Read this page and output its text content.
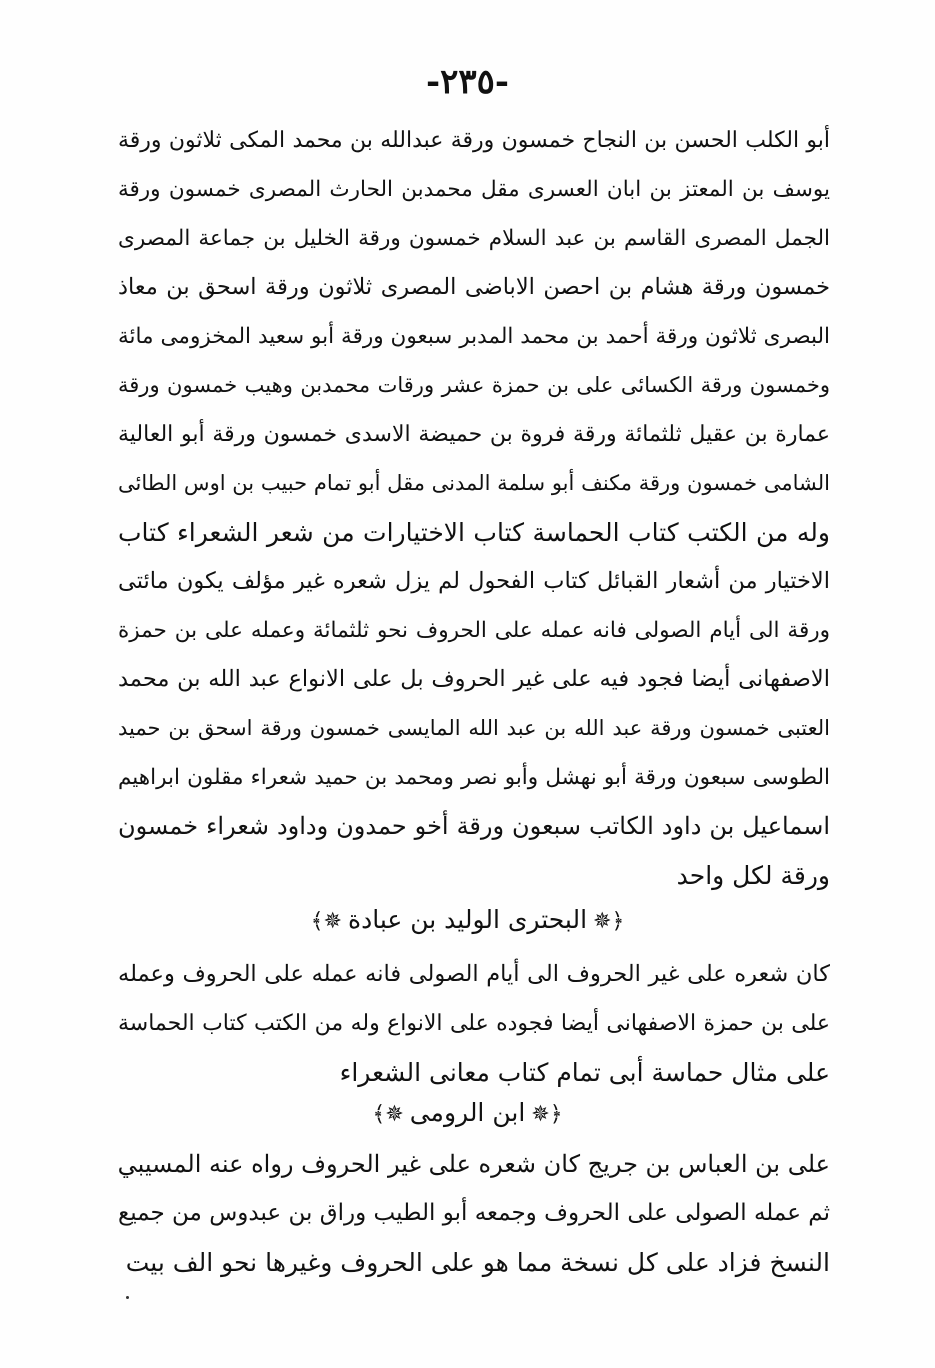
-٢٣٥-
أبو الكلب الحسن بن النجاح خمسون ورقة عبدالله بن محمد المكى ثلاثون ورقة
يوسف بن المعتز بن ابان العسرى مقل محمدبن الحارث المصرى خمسون ورقة
الجمل المصرى القاسم بن عبد السلام خمسون ورقة الخليل بن جماعة المصرى
خمسون ورقة هشام بن احصن الاباضى المصرى ثلاثون ورقة اسحق بن معاذ
البصرى ثلاثون ورقة أحمد بن محمد المدبر سبعون ورقة أبو سعيد المخزومى مائة
وخمسون ورقة الكسائى على بن حمزة عشر ورقات محمدبن وهيب خمسون ورقة
عمارة بن عقيل ثلثمائة ورقة فروة بن حميضة الاسدى خمسون ورقة أبو العالية
الشامى خمسون ورقة مكنف أبو سلمة المدنى مقل أبو تمام حبيب بن اوس الطائى
وله من الكتب كتاب الحماسة كتاب الاختيارات من شعر الشعراء كتاب
الاختيار من أشعار القبائل كتاب الفحول لم يزل شعره غير مؤلف يكون مائتى
ورقة الى أيام الصولى فانه عمله على الحروف نحو ثلثمائة وعمله على بن حمزة
الاصفهانى أيضا فجود فيه على غير الحروف بل على الانواع عبد الله بن محمد
العتبى خمسون ورقة عبد الله بن عبد الله المايسى خمسون ورقة اسحق بن حميد
الطوسى سبعون ورقة أبو نهشل وأبو نصر ومحمد بن حميد شعراء مقلون ابراهيم
اسماعيل بن داود الكاتب سبعون ورقة أخو حمدون وداود شعراء خمسون
ورقة لكل واحد
﴿✵البحترى الوليد بن عبادة✵﴾
كان شعره على غير الحروف الى أيام الصولى فانه عمله على الحروف وعمله
على بن حمزة الاصفهانى أيضا فجوده على الانواع وله من الكتب كتاب الحماسة
على مثال حماسة أبى تمام كتاب معانى الشعراء
﴿✵ابن الرومى✵﴾
على بن العباس بن جريج كان شعره على غير الحروف رواه عنه المسيبي
ثم عمله الصولى على الحروف وجمعه أبو الطيب وراق بن عبدوس من جميع
النسخ فزاد على كل نسخة مما هو على الحروف وغيرها نحو الف بيت
